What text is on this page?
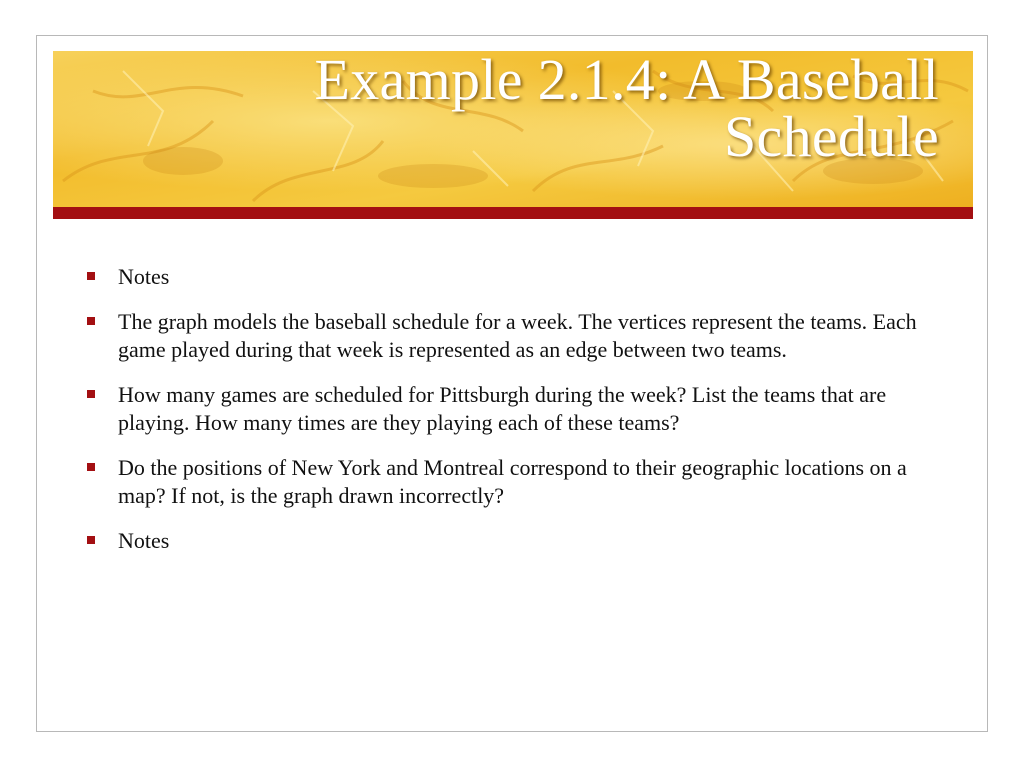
Example 2.1.4: A Baseball
Schedule
Notes
The graph models the baseball schedule for a week. The vertices represent the teams. Each game played during that week is represented as an edge between two teams.
How many games are scheduled for Pittsburgh during the week? List the teams that are playing. How many times are they playing each of these teams?
Do the positions of New York and Montreal correspond to their geographic locations on a map? If not, is the graph drawn incorrectly?
Notes
